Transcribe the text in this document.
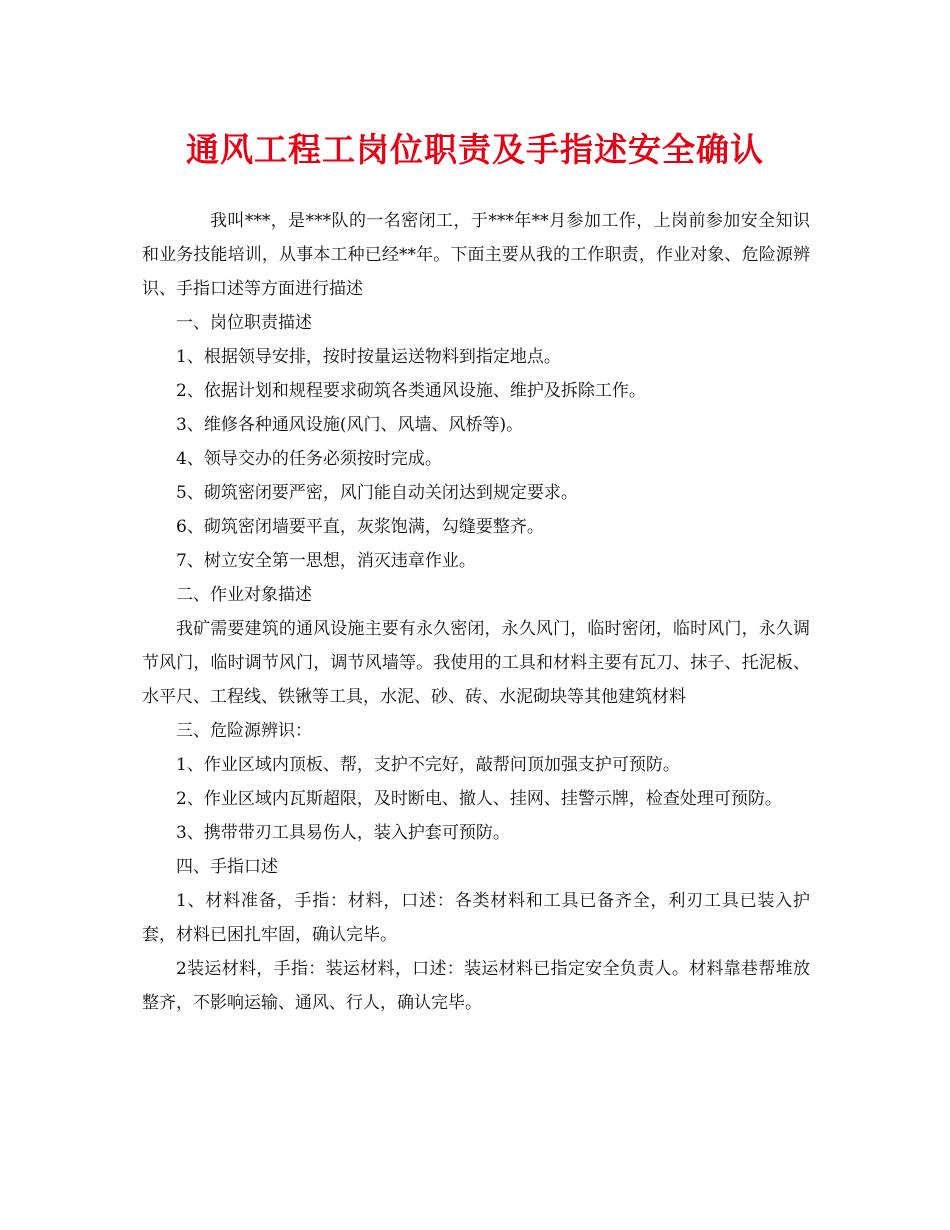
通风工程工岗位职责及手指述安全确认

我叫***，是***队的一名密闭工，于***年**月参加工作，上岗前参加安全知识和业务技能培训，从事本工种已经**年。下面主要从我的工作职责，作业对象、危险源辨识、手指口述等方面进行描述

一、岗位职责描述

1、根据领导安排，按时按量运送物料到指定地点。

2、依据计划和规程要求砌筑各类通风设施、维护及拆除工作。

3、维修各种通风设施(风门、风墙、风桥等)。

4、领导交办的任务必须按时完成。

5、砌筑密闭要严密，风门能自动关闭达到规定要求。

6、砌筑密闭墙要平直，灰浆饱满，勾缝要整齐。

7、树立安全第一思想，消灭违章作业。

二、作业对象描述

我矿需要建筑的通风设施主要有永久密闭，永久风门，临时密闭，临时风门，永久调节风门，临时调节风门，调节风墙等。我使用的工具和材料主要有瓦刀、抹子、托泥板、水平尺、工程线、铁锹等工具，水泥、砂、砖、水泥砌块等其他建筑材料

三、危险源辨识：

1、作业区域内顶板、帮，支护不完好，敲帮问顶加强支护可预防。

2、作业区域内瓦斯超限，及时断电、撤人、挂网、挂警示牌，检查处理可预防。

3、携带带刃工具易伤人，装入护套可预防。

四、手指口述

1、材料准备，手指：材料，口述：各类材料和工具已备齐全，利刃工具已装入护套，材料已困扎牢固，确认完毕。

2装运材料，手指：装运材料，口述：装运材料已指定安全负责人。材料靠巷帮堆放整齐，不影响运输、通风、行人，确认完毕。
